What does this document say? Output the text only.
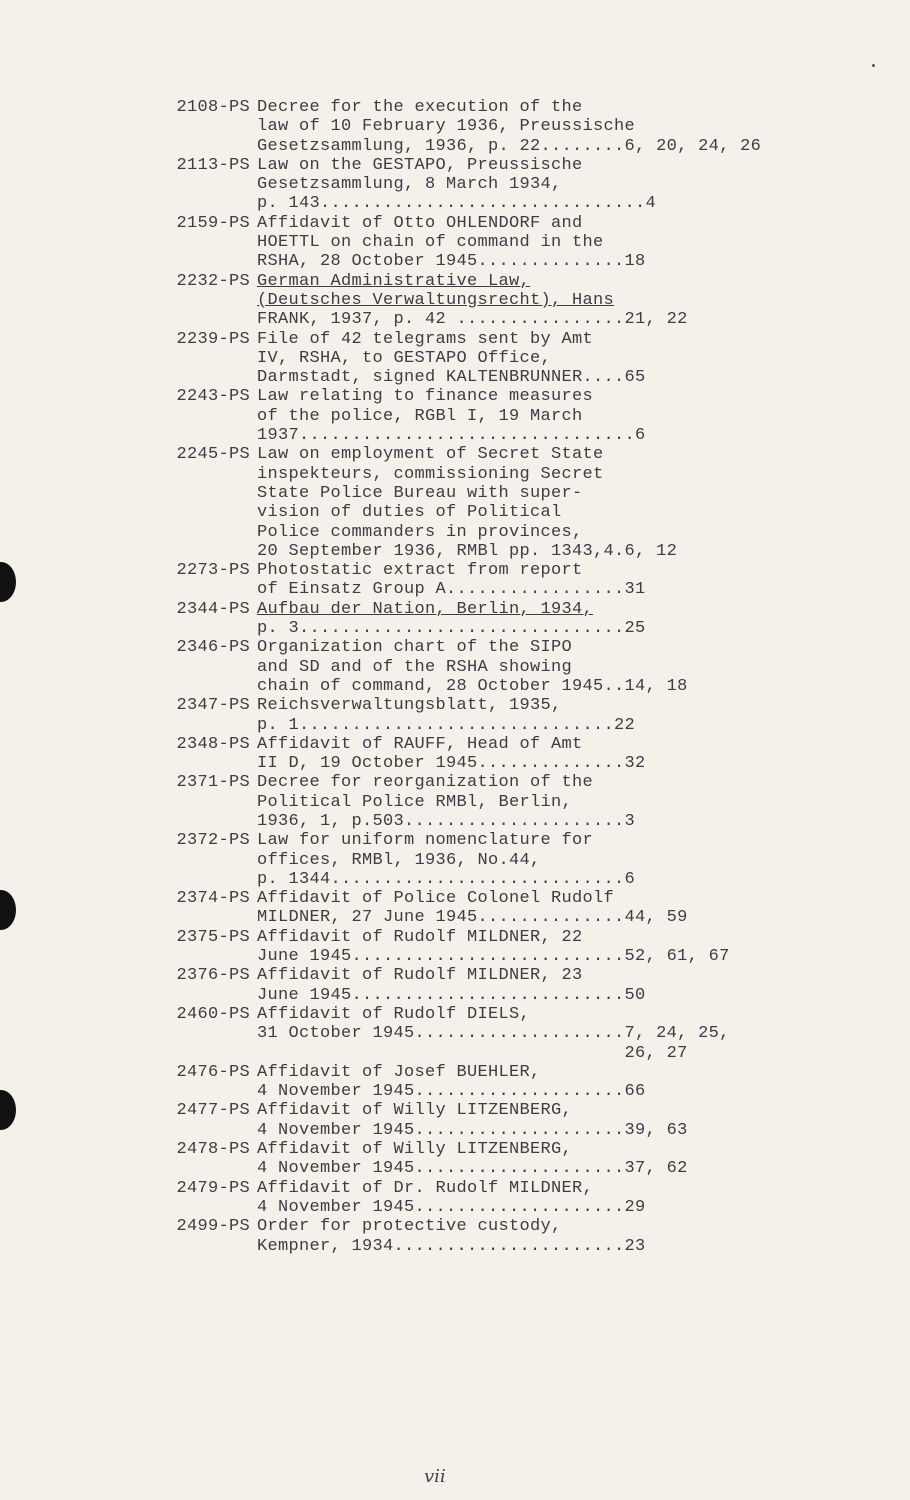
2108-PS Decree for the execution of the
law of 10 February 1936, Preussische
Gesetzsammlung, 1936, p. 22........6, 20, 24, 26
2113-PS Law on the GESTAPO, Preussische
Gesetzsammlung, 8 March 1934,
p. 143...............................4
2159-PS Affidavit of Otto OHLENDORF and
HOETTL on chain of command in the
RSHA, 28 October 1945..............18
2232-PS German Administrative Law,
(Deutsches Verwaltungsrecht), Hans
FRANK, 1937, p. 42 ................21, 22
2239-PS File of 42 telegrams sent by Amt
IV, RSHA, to GESTAPO Office,
Darmstadt, signed KALTENBRUNNER....65
2243-PS Law relating to finance measures
of the police, RGBl I, 19 March
1937................................6
2245-PS Law on employment of Secret State
inspekteurs, commissioning Secret
State Police Bureau with super-
vision of duties of Political
Police commanders in provinces,
20 September 1936, RMBl pp. 1343,4.6, 12
2273-PS Photostatic extract from report
of Einsatz Group A.................31
2344-PS Aufbau der Nation, Berlin, 1934,
p. 3...............................25
2346-PS Organization chart of the SIPO
and SD and of the RSHA showing
chain of command, 28 October 1945..14, 18
2347-PS Reichsverwaltungsblatt, 1935,
p. 1..............................22
2348-PS Affidavit of RAUFF, Head of Amt
II D, 19 October 1945..............32
2371-PS Decree for reorganization of the
Political Police RMBl, Berlin,
1936, 1, p.503.....................3
2372-PS Law for uniform nomenclature for
offices, RMBl, 1936, No.44,
p. 1344............................6
2374-PS Affidavit of Police Colonel Rudolf
MILDNER, 27 June 1945..............44, 59
2375-PS Affidavit of Rudolf MILDNER, 22
June 1945..........................52, 61, 67
2376-PS Affidavit of Rudolf MILDNER, 23
June 1945..........................50
2460-PS Affidavit of Rudolf DIELS,
31 October 1945....................7, 24, 25,
26, 27
2476-PS Affidavit of Josef BUEHLER,
4 November 1945....................66
2477-PS Affidavit of Willy LITZENBERG,
4 November 1945....................39, 63
2478-PS Affidavit of Willy LITZENBERG,
4 November 1945....................37, 62
2479-PS Affidavit of Dr. Rudolf MILDNER,
4 November 1945....................29
2499-PS Order for protective custody,
Kempner, 1934......................23
vii
